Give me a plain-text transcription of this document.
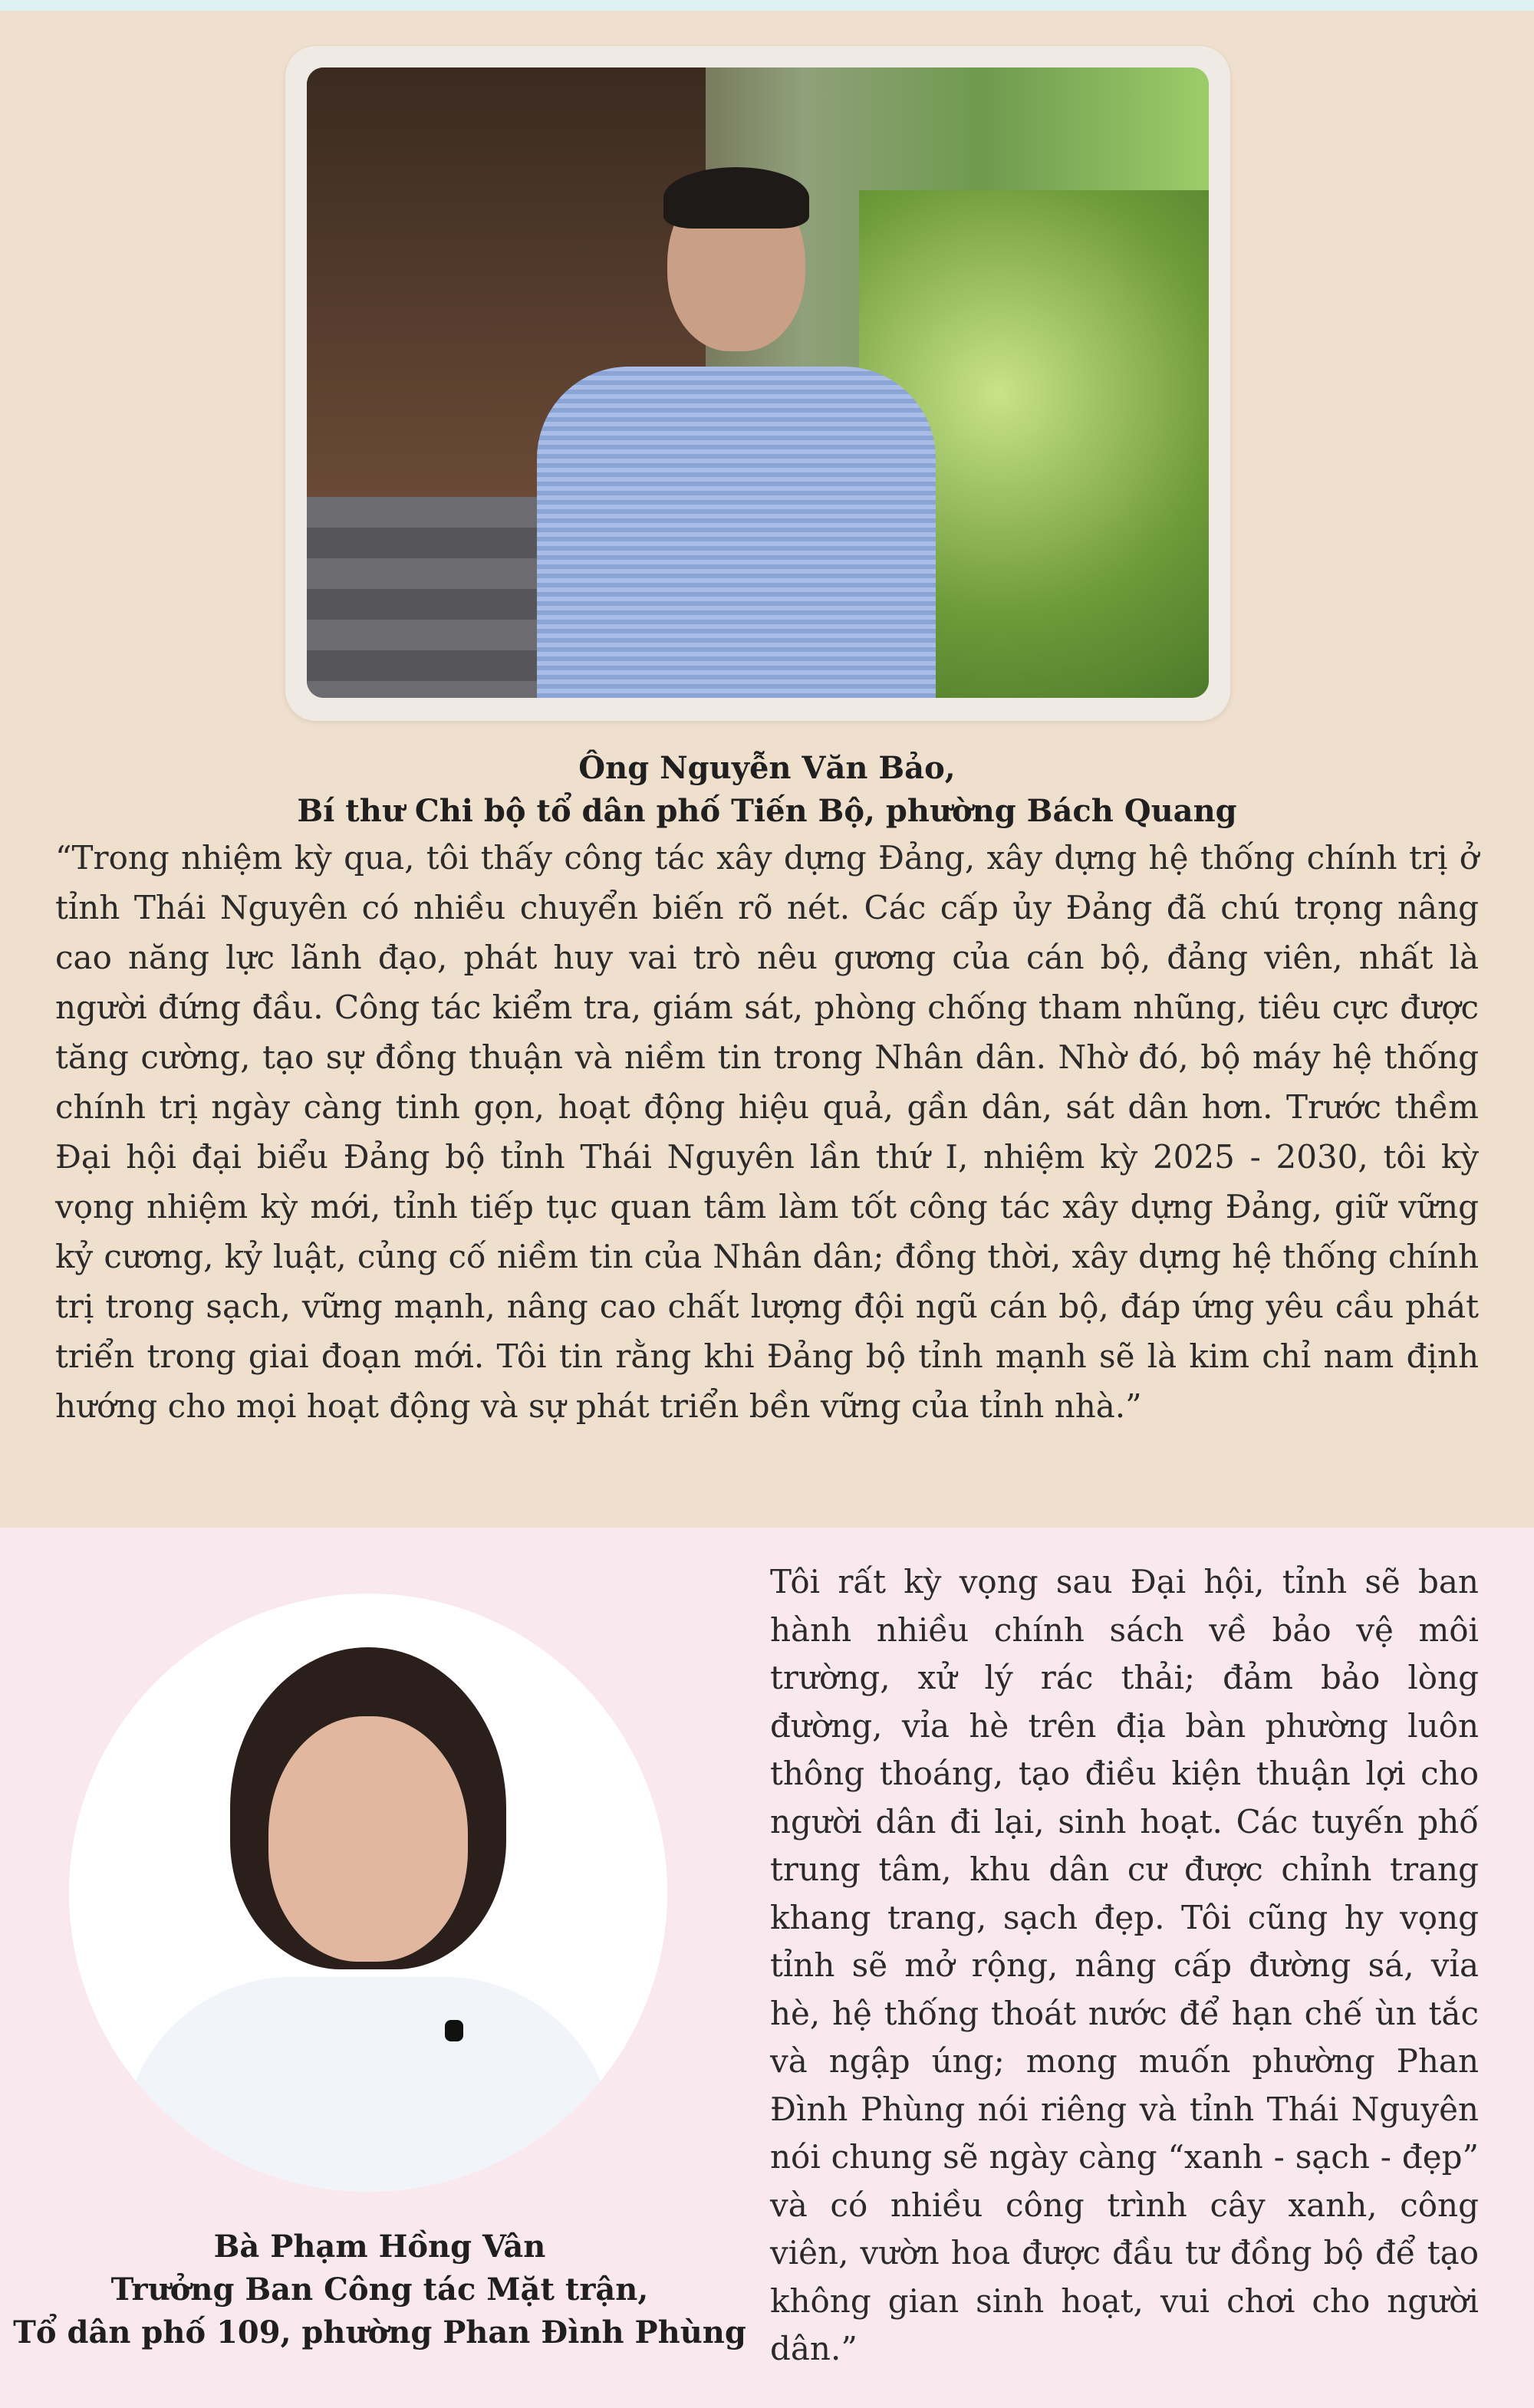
Ông Nguyễn Văn Bảo,
Bí thư Chi bộ tổ dân phố Tiến Bộ, phường Bách Quang
“Trong nhiệm kỳ qua, tôi thấy công tác xây dựng Đảng, xây dựng hệ thống chính trị ở tỉnh Thái Nguyên có nhiều chuyển biến rõ nét. Các cấp ủy Đảng đã chú trọng nâng cao năng lực lãnh đạo, phát huy vai trò nêu gương của cán bộ, đảng viên, nhất là người đứng đầu. Công tác kiểm tra, giám sát, phòng chống tham nhũng, tiêu cực được tăng cường, tạo sự đồng thuận và niềm tin trong Nhân dân. Nhờ đó, bộ máy hệ thống chính trị ngày càng tinh gọn, hoạt động hiệu quả, gần dân, sát dân hơn. Trước thềm Đại hội đại biểu Đảng bộ tỉnh Thái Nguyên lần thứ I, nhiệm kỳ 2025 - 2030, tôi kỳ vọng nhiệm kỳ mới, tỉnh tiếp tục quan tâm làm tốt công tác xây dựng Đảng, giữ vững kỷ cương, kỷ luật, củng cố niềm tin của Nhân dân; đồng thời, xây dựng hệ thống chính trị trong sạch, vững mạnh, nâng cao chất lượng đội ngũ cán bộ, đáp ứng yêu cầu phát triển trong giai đoạn mới. Tôi tin rằng khi Đảng bộ tỉnh mạnh sẽ là kim chỉ nam định hướng cho mọi hoạt động và sự phát triển bền vững của tỉnh nhà.”
Bà Phạm Hồng Vân
Trưởng Ban Công tác Mặt trận,
Tổ dân phố 109, phường Phan Đình Phùng
Tôi rất kỳ vọng sau Đại hội, tỉnh sẽ ban hành nhiều chính sách về bảo vệ môi trường, xử lý rác thải; đảm bảo lòng đường, vỉa hè trên địa bàn phường luôn thông thoáng, tạo điều kiện thuận lợi cho người dân đi lại, sinh hoạt. Các tuyến phố trung tâm, khu dân cư được chỉnh trang khang trang, sạch đẹp. Tôi cũng hy vọng tỉnh sẽ mở rộng, nâng cấp đường sá, vỉa hè, hệ thống thoát nước để hạn chế ùn tắc và ngập úng; mong muốn phường Phan Đình Phùng nói riêng và tỉnh Thái Nguyên nói chung sẽ ngày càng “xanh - sạch - đẹp” và có nhiều công trình cây xanh, công viên, vườn hoa được đầu tư đồng bộ để tạo không gian sinh hoạt, vui chơi cho người dân.”
